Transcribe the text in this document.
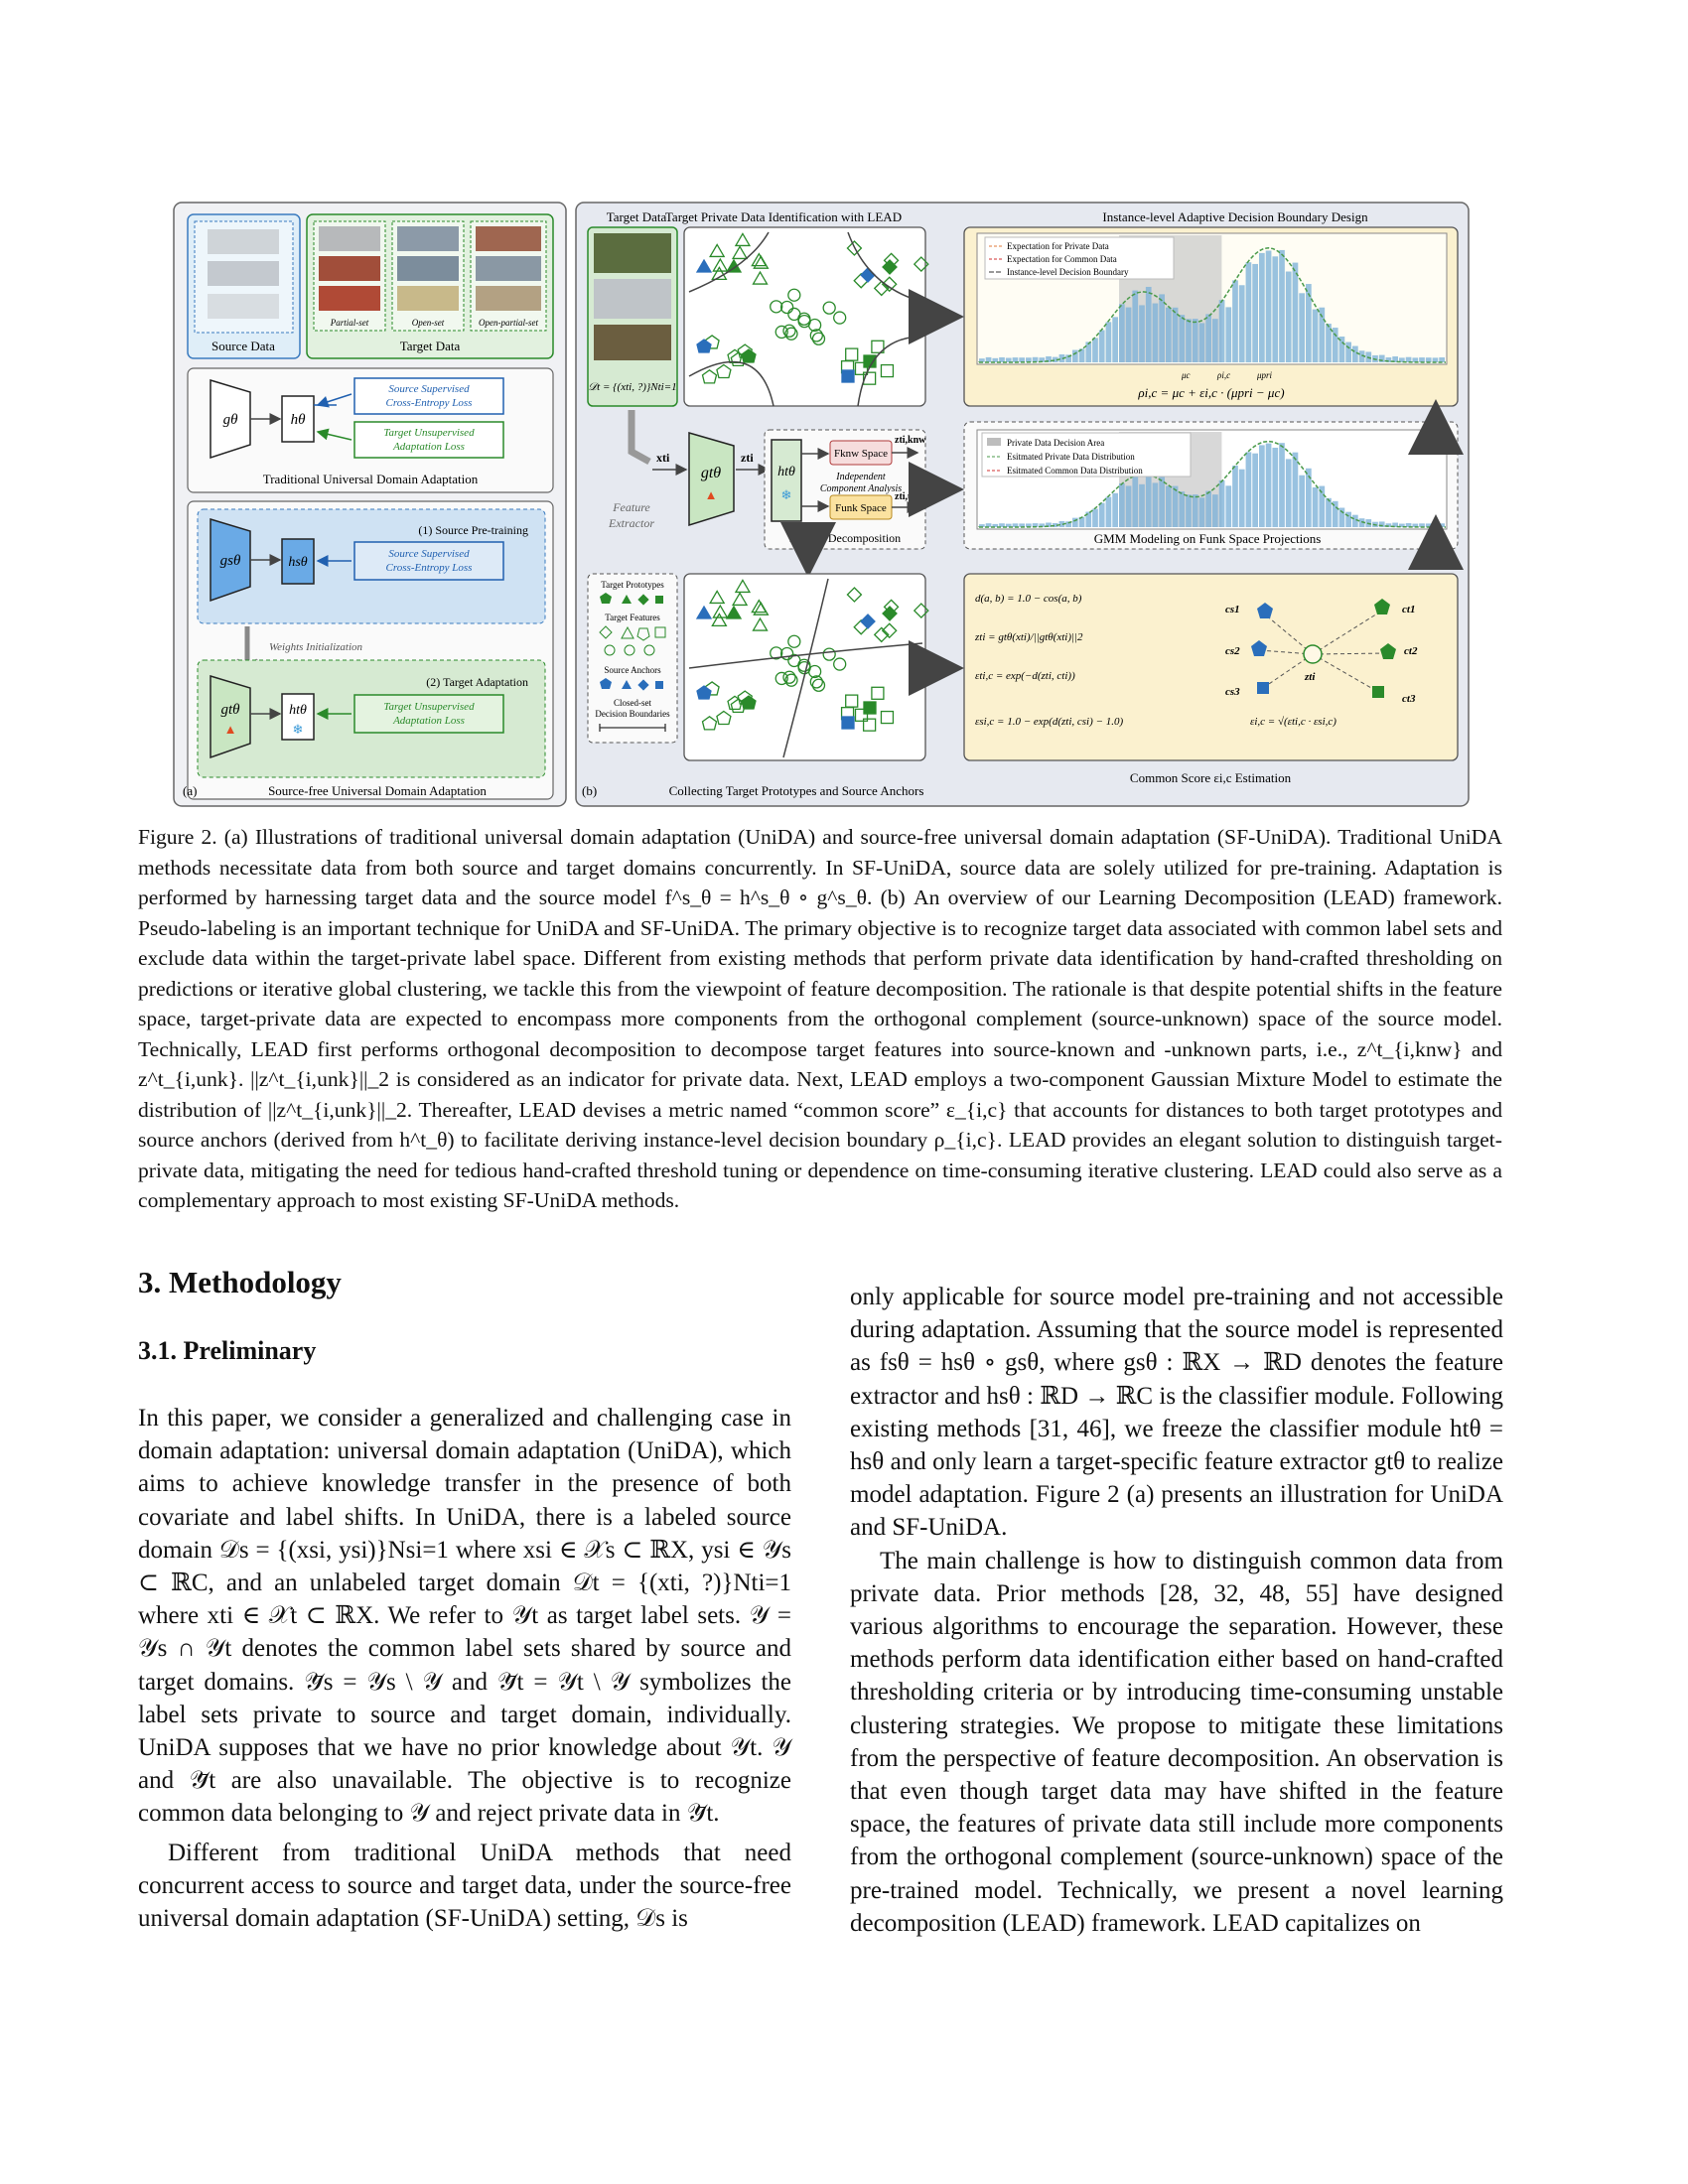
Source Data
Partial-set	Open-set	Open-partial-set
Target Data
gθ	hθ
Source Supervised
Cross-Entropy Loss
Target Unsupervised
Adaptation Loss
Traditional Universal Domain Adaptation
gsθ	hsθ
(1) Source Pre-training
Source Supervised
Cross-Entropy Loss
Weights Initialization
gtθ
▲
htθ
❄
(2) Target Adaptation
Target Unsupervised
Adaptation Loss
(a)	Source-free Universal Domain Adaptation	(b)
Target Data
𝒟t = {(xti, ?)}Nti=1
Target Private Data Identification with LEAD	Instance-level Adaptive Decision Boundary Design
Expectation for Private Data
Expectation for Common Data
Instance-level Decision Boundary
μc	ρi,c	μpri
ρi,c = μc + εi,c · (μpri − μc)
Feature
Extractor
xti
gtθ
▲
zti
htθ
❄
Fknw Space
Independent
Component Analysis
Funk Space
zti,knw
zti,unk
Feature Decomposition
Private Data Decision Area
Esitmated Private Data Distribution
Esitmated Common Data Distribution
GMM Modeling on Funk Space Projections
Target Prototypes
Target Features
Source Anchors
Closed-set
Decision Boundaries
Collecting Target Prototypes and Source Anchors
d(a, b) = 1.0 − cos(a, b)
zti = gtθ(xti)/||gtθ(xti)||2
εti,c = exp(−d(zti, cti))
εsi,c = 1.0 − exp(d(zti, csi) − 1.0)	εi,c = √(εti,c · εsi,c)
cs1
cs2
cs3
ct1
ct2
ct3
zti
Common Score εi,c Estimation
Figure 2. (a) Illustrations of traditional universal domain adaptation (UniDA) and source-free universal domain adaptation (SF-UniDA). Traditional UniDA methods necessitate data from both source and target domains concurrently. In SF-UniDA, source data are solely utilized for pre-training. Adaptation is performed by harnessing target data and the source model f^s_θ = h^s_θ ∘ g^s_θ. (b) An overview of our Learning Decomposition (LEAD) framework. Pseudo-labeling is an important technique for UniDA and SF-UniDA. The primary objective is to recognize target data associated with common label sets and exclude data within the target-private label space. Different from existing methods that perform private data identification by hand-crafted thresholding on predictions or iterative global clustering, we tackle this from the viewpoint of feature decomposition. The rationale is that despite potential shifts in the feature space, target-private data are expected to encompass more components from the orthogonal complement (source-unknown) space of the source model. Technically, LEAD first performs orthogonal decomposition to decompose target features into source-known and -unknown parts, i.e., z^t_{i,knw} and z^t_{i,unk}. ||z^t_{i,unk}||_2 is considered as an indicator for private data. Next, LEAD employs a two-component Gaussian Mixture Model to estimate the distribution of ||z^t_{i,unk}||_2. Thereafter, LEAD devises a metric named “common score” ε_{i,c} that accounts for distances to both target prototypes and source anchors (derived from h^t_θ) to facilitate deriving instance-level decision boundary ρ_{i,c}. LEAD provides an elegant solution to distinguish target-private data, mitigating the need for tedious hand-crafted threshold tuning or dependence on time-consuming iterative clustering. LEAD could also serve as a complementary approach to most existing SF-UniDA methods.
3. Methodology
3.1. Preliminary

In this paper, we consider a generalized and challenging case in domain adaptation: universal domain adaptation (UniDA), which aims to achieve knowledge transfer in the presence of both covariate and label shifts. In UniDA, there is a labeled source domain 𝒟s = {(xsi, ysi)}Nsi=1 where xsi ∈ 𝒳s ⊂ ℝX, ysi ∈ 𝒴s ⊂ ℝC, and an unlabeled target domain 𝒟t = {(xti, ?)}Nti=1 where xti ∈ 𝒳t ⊂ ℝX. We refer to 𝒴t as target label sets. 𝒴 = 𝒴s ∩ 𝒴t denotes the common label sets shared by source and target domains. 𝒴̄s = 𝒴s \ 𝒴 and 𝒴̄t = 𝒴t \ 𝒴 symbolizes the label sets private to source and target domain, individually. UniDA supposes that we have no prior knowledge about 𝒴t. 𝒴 and 𝒴̄t are also unavailable. The objective is to recognize common data belonging to 𝒴 and reject private data in 𝒴̄t.

Different from traditional UniDA methods that need concurrent access to source and target data, under the source-free universal domain adaptation (SF-UniDA) setting, 𝒟s is

only applicable for source model pre-training and not accessible during adaptation. Assuming that the source model is represented as fsθ = hsθ ∘ gsθ, where gsθ : ℝX → ℝD denotes the feature extractor and hsθ : ℝD → ℝC is the classifier module. Following existing methods [31, 46], we freeze the classifier module htθ = hsθ and only learn a target-specific feature extractor gtθ to realize model adaptation. Figure 2 (a) presents an illustration for UniDA and SF-UniDA.

The main challenge is how to distinguish common data from private data. Prior methods [28, 32, 48, 55] have designed various algorithms to encourage the separation. However, these methods perform data identification either based on hand-crafted thresholding criteria or by introducing time-consuming unstable clustering strategies. We propose to mitigate these limitations from the perspective of feature decomposition. An observation is that even though target data may have shifted in the feature space, the features of private data still include more components from the orthogonal complement (source-unknown) space of the pre-trained model. Technically, we present a novel learning decomposition (LEAD) framework. LEAD capitalizes on
